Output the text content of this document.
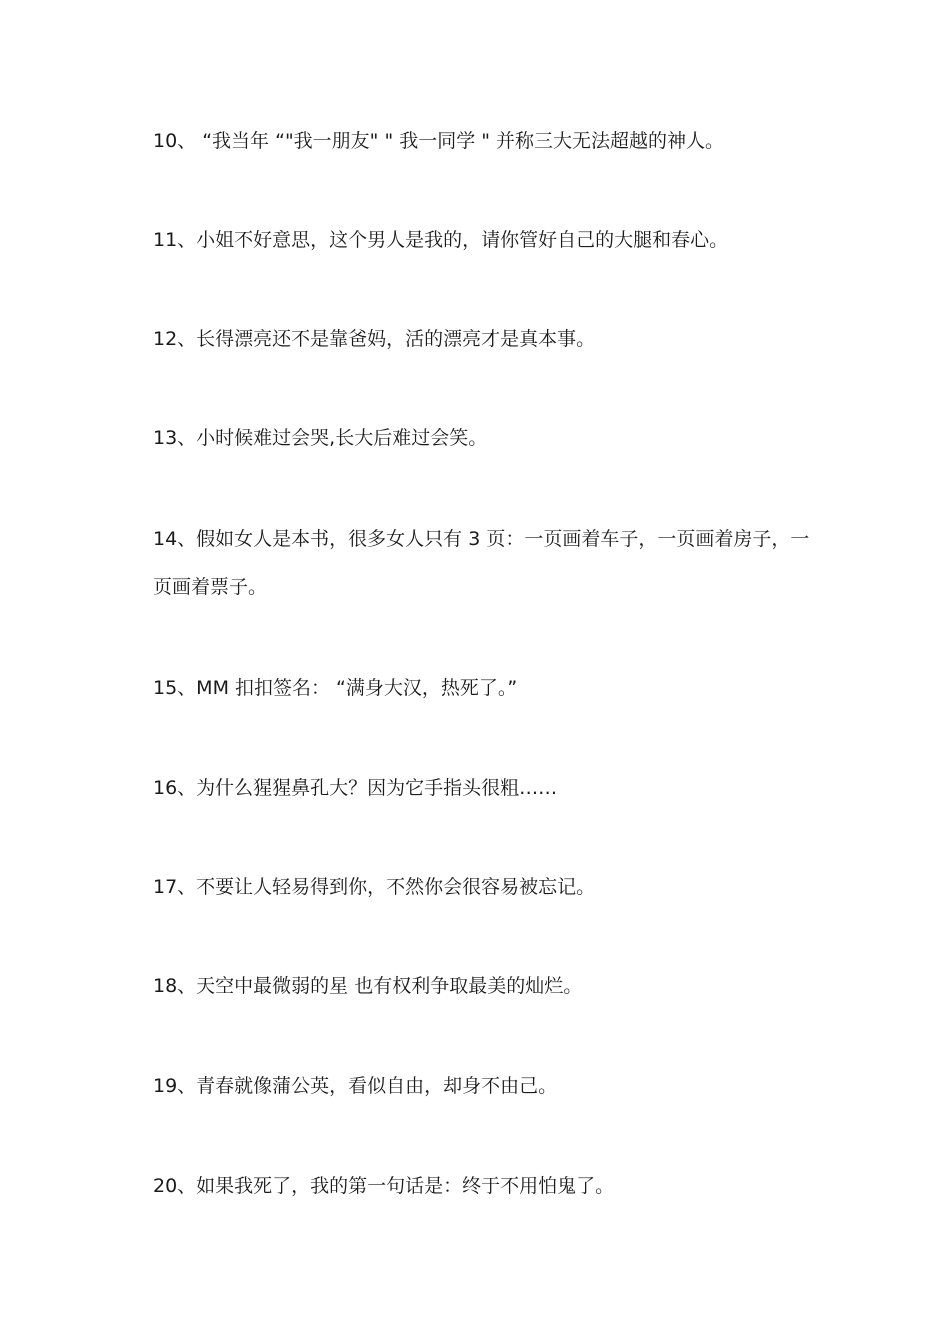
10、 “我当年 “"我一朋友" " 我一同学 " 并称三大无法超越的神人。

11、小姐不好意思，这个男人是我的，请你管好自己的大腿和春心。

12、长得漂亮还不是靠爸妈，活的漂亮才是真本事。

13、小时候难过会哭,长大后难过会笑。

14、假如女人是本书，很多女人只有 3 页：一页画着车子，一页画着房子，一页画着票子。

15、MM 扣扣签名： “满身大汉，热死了。”

16、为什么猩猩鼻孔大？因为它手指头很粗……

17、不要让人轻易得到你，不然你会很容易被忘记。

18、天空中最微弱的星 也有权利争取最美的灿烂。

19、青春就像蒲公英，看似自由，却身不由己。

20、如果我死了，我的第一句话是：终于不用怕鬼了。
